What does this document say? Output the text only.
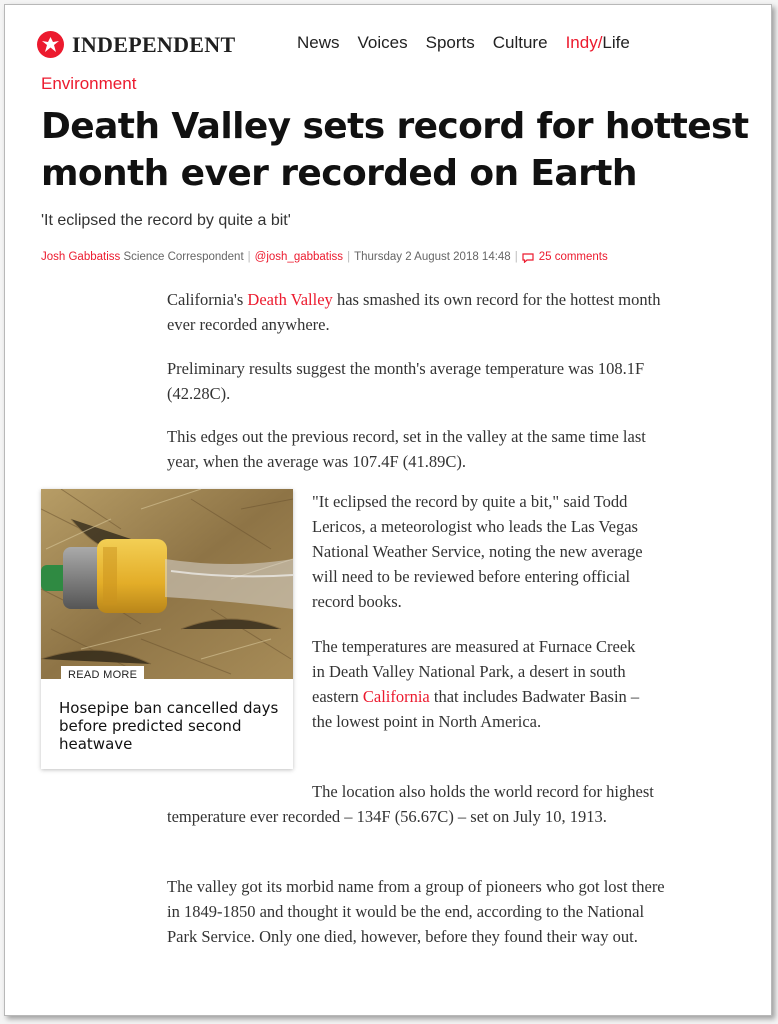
INDEPENDENT	News Voices Sports Culture Indy/Life
Environment
Death Valley sets record for hottest month ever recorded on Earth
'It eclipsed the record by quite a bit'
Josh Gabbatiss
Science Correspondent | @josh_gabbatiss | Thursday 2 August 2018 14:48 | 25 comments

California's Death Valley has smashed its own record for the hottest month ever recorded anywhere.

Preliminary results suggest the month's average temperature was 108.1F (42.28C).

This edges out the previous record, set in the valley at the same time last year, when the average was 107.4F (41.89C).

READ MORE

Hosepipe ban cancelled days before predicted second heatwave

"It eclipsed the record by quite a bit," said Todd Lericos, a meteorologist who leads the Las Vegas National Weather Service, noting the new average will need to be reviewed before entering official record books.

The temperatures are measured at Furnace Creek in Death Valley National Park, a desert in south eastern California that includes Badwater Basin – the lowest point in North America.

The location also holds the world record for highest temperature ever recorded – 134F (56.67C) – set on July 10, 1913.

The valley got its morbid name from a group of pioneers who got lost there in 1849-1850 and thought it would be the end, according to the National Park Service. Only one died, however, before they found their way out.
